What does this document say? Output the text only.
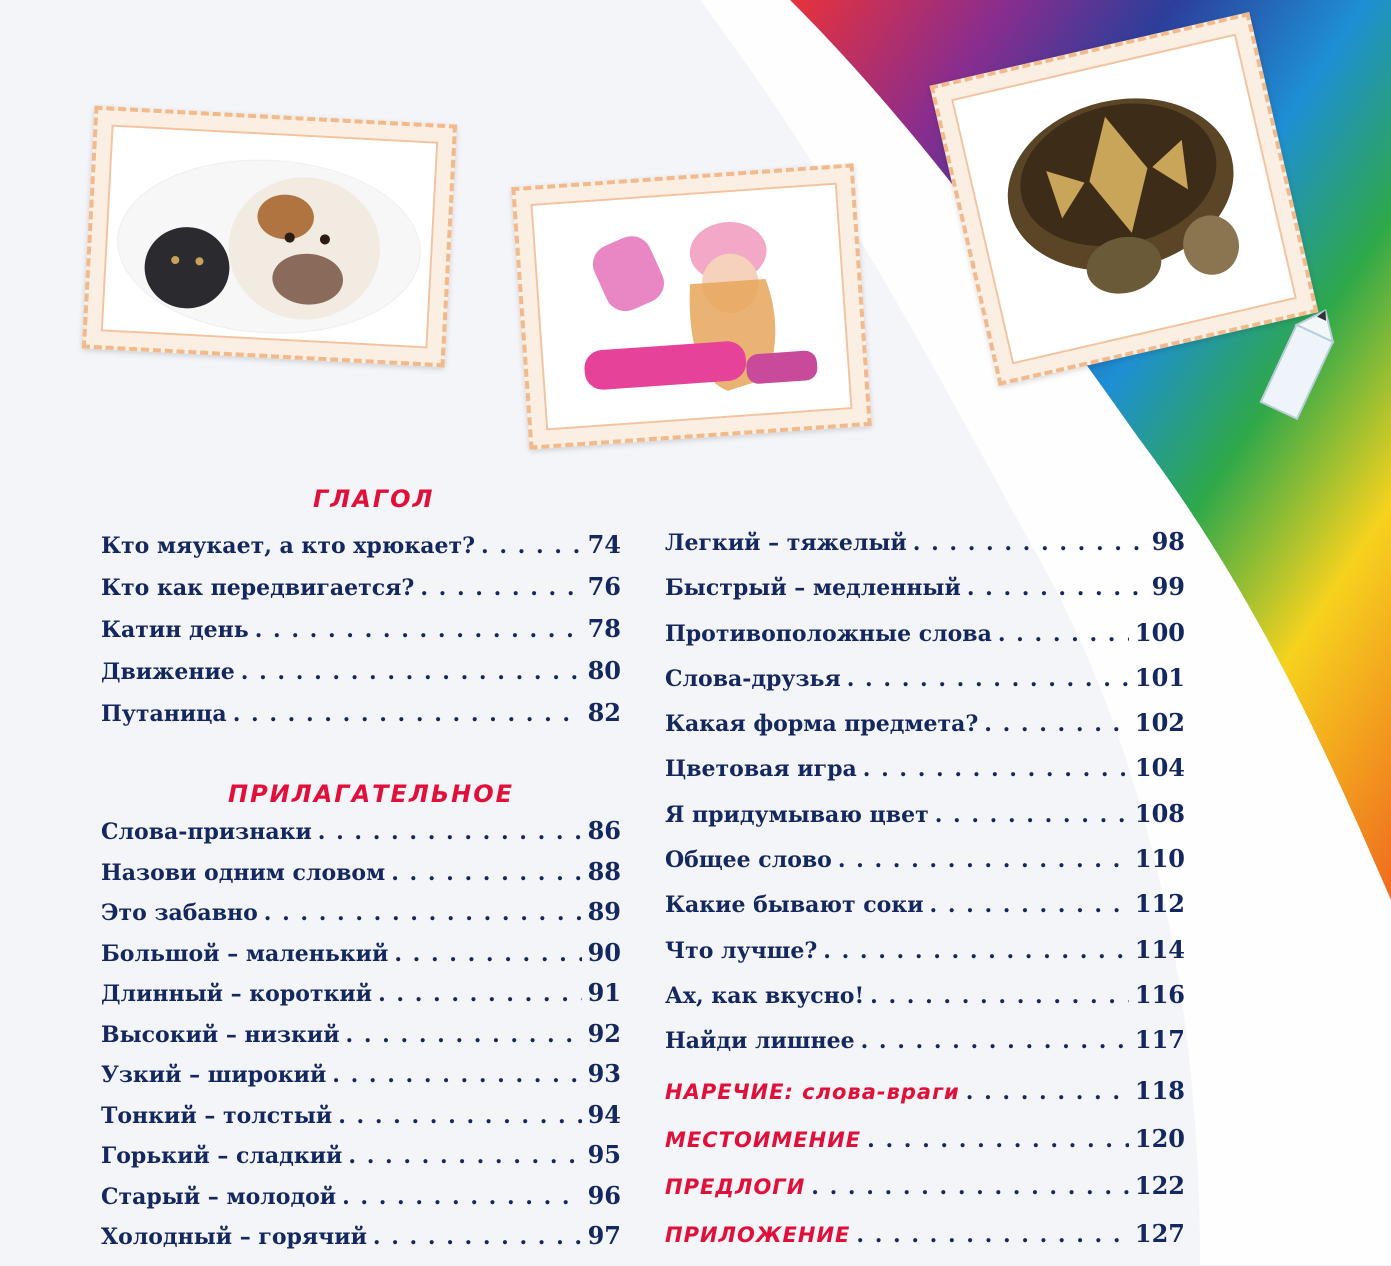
ГЛАГОЛ
ПРИЛАГАТЕЛЬНОЕ
Кто мяукает, а кто хрюкает? . . .	74
Кто как передвигается? . . .	76
Катин день . . .	78
Движение . . .	80
Путаница . . .	82
Слова-признаки . . .	86
Назови одним словом . . .	88
Это забавно . . .	89
Большой – маленький . . .	90
Длинный – короткий . . .	91
Высокий – низкий . . .	92
Узкий – широкий . . .	93
Тонкий – толстый . . .	94
Горький – сладкий . . .	95
Старый – молодой . . .	96
Холодный – горячий . . .	97
Легкий – тяжелый . . .	98
Быстрый – медленный . . .	99
Противоположные слова . . .	100
Слова-друзья . . .	101
Какая форма предмета? . . .	102
Цветовая игра . . .	104
Я придумываю цвет . . .	108
Общее слово . . .	110
Какие бывают соки . . .	112
Что лучше? . . .	114
Ах, как вкусно! . . .	116
Найди лишнее . . .	117
НАРЕЧИЕ: слова-враги . . .	118
МЕСТОИМЕНИЕ . . .	120
ПРЕДЛОГИ . . .	122
ПРИЛОЖЕНИЕ . . .	127
